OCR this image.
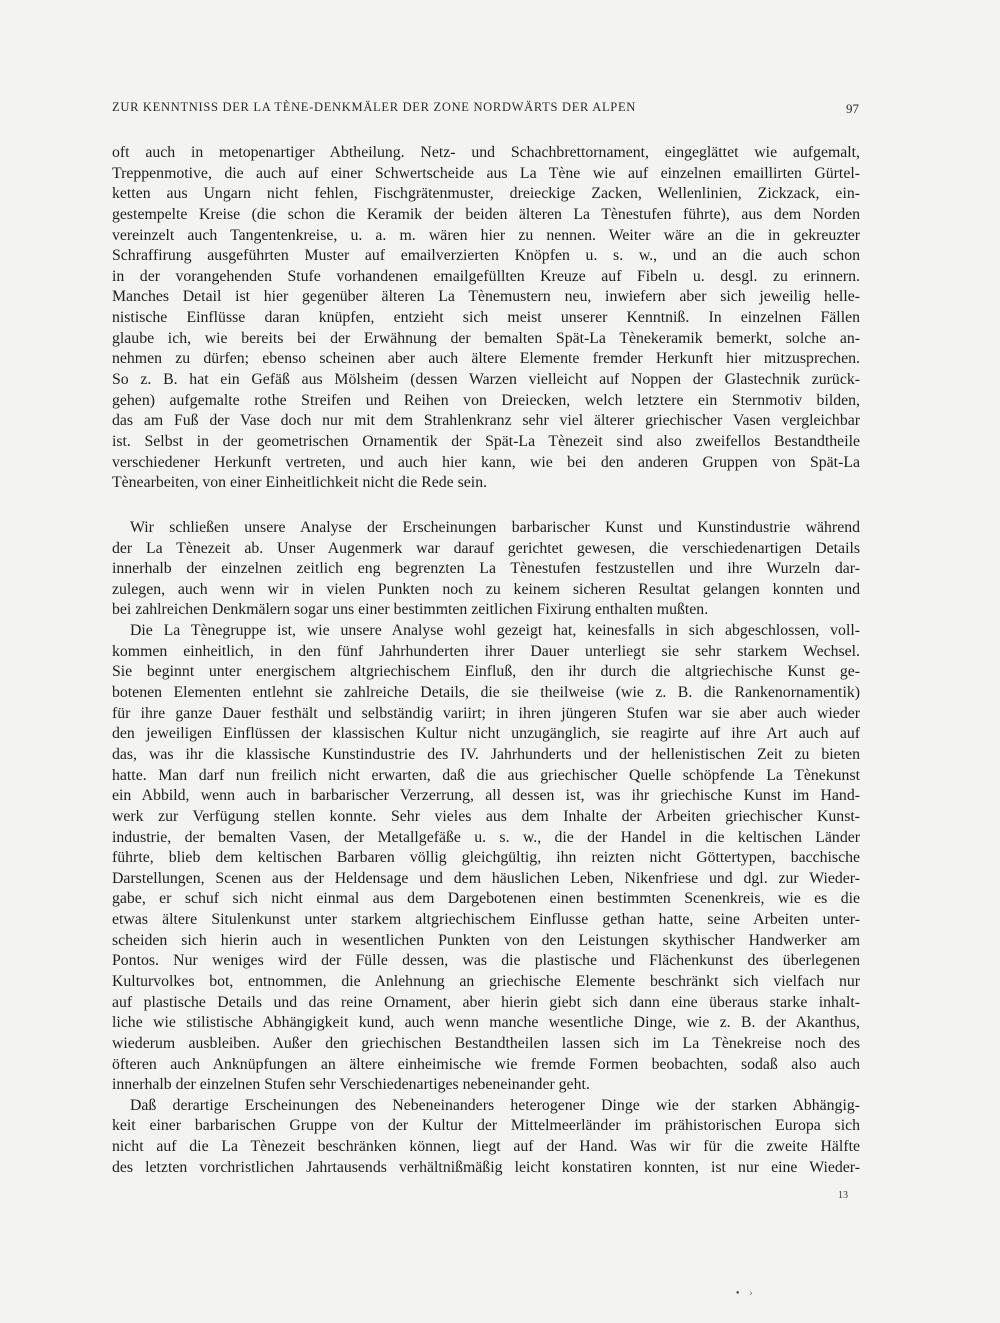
ZUR KENNTNISS DER LA TÈNE-DENKMÄLER DER ZONE NORDWÄRTS DER ALPEN	97
oft auch in metopenartiger Abtheilung. Netz- und Schachbrettornament, eingeglättet wie aufgemalt,
Treppenmotive, die auch auf einer Schwertscheide aus La Tène wie auf einzelnen emaillirten Gürtel-
ketten aus Ungarn nicht fehlen, Fischgrätenmuster, dreieckige Zacken, Wellenlinien, Zickzack, ein-
gestempelte Kreise (die schon die Keramik der beiden älteren La Tènestufen führte), aus dem Norden
vereinzelt auch Tangentenkreise, u. a. m. wären hier zu nennen. Weiter wäre an die in gekreuzter
Schraffirung ausgeführten Muster auf emailverzierten Knöpfen u. s. w., und an die auch schon
in der vorangehenden Stufe vorhandenen emailgefüllten Kreuze auf Fibeln u. desgl. zu erinnern.
Manches Detail ist hier gegenüber älteren La Tènemustern neu, inwiefern aber sich jeweilig helle-
nistische Einflüsse daran knüpfen, entzieht sich meist unserer Kenntniß. In einzelnen Fällen
glaube ich, wie bereits bei der Erwähnung der bemalten Spät-La Tènekeramik bemerkt, solche an-
nehmen zu dürfen; ebenso scheinen aber auch ältere Elemente fremder Herkunft hier mitzusprechen.
So z. B. hat ein Gefäß aus Mölsheim (dessen Warzen vielleicht auf Noppen der Glastechnik zurück-
gehen) aufgemalte rothe Streifen und Reihen von Dreiecken, welch letztere ein Sternmotiv bilden,
das am Fuß der Vase doch nur mit dem Strahlenkranz sehr viel älterer griechischer Vasen vergleichbar
ist. Selbst in der geometrischen Ornamentik der Spät-La Tènezeit sind also zweifellos Bestandtheile
verschiedener Herkunft vertreten, und auch hier kann, wie bei den anderen Gruppen von Spät-La
Tènearbeiten, von einer Einheitlichkeit nicht die Rede sein.
Wir schließen unsere Analyse der Erscheinungen barbarischer Kunst und Kunstindustrie während
der La Tènezeit ab. Unser Augenmerk war darauf gerichtet gewesen, die verschiedenartigen Details
innerhalb der einzelnen zeitlich eng begrenzten La Tènestufen festzustellen und ihre Wurzeln dar-
zulegen, auch wenn wir in vielen Punkten noch zu keinem sicheren Resultat gelangen konnten und
bei zahlreichen Denkmälern sogar uns einer bestimmten zeitlichen Fixirung enthalten mußten.
Die La Tènegruppe ist, wie unsere Analyse wohl gezeigt hat, keinesfalls in sich abgeschlossen, voll-
kommen einheitlich, in den fünf Jahrhunderten ihrer Dauer unterliegt sie sehr starkem Wechsel.
Sie beginnt unter energischem altgriechischem Einfluß, den ihr durch die altgriechische Kunst ge-
botenen Elementen entlehnt sie zahlreiche Details, die sie theilweise (wie z. B. die Rankenornamentik)
für ihre ganze Dauer festhält und selbständig variirt; in ihren jüngeren Stufen war sie aber auch wieder
den jeweiligen Einflüssen der klassischen Kultur nicht unzugänglich, sie reagirte auf ihre Art auch auf
das, was ihr die klassische Kunstindustrie des IV. Jahrhunderts und der hellenistischen Zeit zu bieten
hatte. Man darf nun freilich nicht erwarten, daß die aus griechischer Quelle schöpfende La Tènekunst
ein Abbild, wenn auch in barbarischer Verzerrung, all dessen ist, was ihr griechische Kunst im Hand-
werk zur Verfügung stellen konnte. Sehr vieles aus dem Inhalte der Arbeiten griechischer Kunst-
industrie, der bemalten Vasen, der Metallgefäße u. s. w., die der Handel in die keltischen Länder
führte, blieb dem keltischen Barbaren völlig gleichgültig, ihn reizten nicht Göttertypen, bacchische
Darstellungen, Scenen aus der Heldensage und dem häuslichen Leben, Nikenfriese und dgl. zur Wieder-
gabe, er schuf sich nicht einmal aus dem Dargebotenen einen bestimmten Scenenkreis, wie es die
etwas ältere Situlenkunst unter starkem altgriechischem Einflusse gethan hatte, seine Arbeiten unter-
scheiden sich hierin auch in wesentlichen Punkten von den Leistungen skythischer Handwerker am
Pontos. Nur weniges wird der Fülle dessen, was die plastische und Flächenkunst des überlegenen
Kulturvolkes bot, entnommen, die Anlehnung an griechische Elemente beschränkt sich vielfach nur
auf plastische Details und das reine Ornament, aber hierin giebt sich dann eine überaus starke inhalt-
liche wie stilistische Abhängigkeit kund, auch wenn manche wesentliche Dinge, wie z. B. der Akanthus,
wiederum ausbleiben. Außer den griechischen Bestandtheilen lassen sich im La Tènekreise noch des
öfteren auch Anknüpfungen an ältere einheimische wie fremde Formen beobachten, sodaß also auch
innerhalb der einzelnen Stufen sehr Verschiedenartiges nebeneinander geht.
Daß derartige Erscheinungen des Nebeneinanders heterogener Dinge wie der starken Abhängig-
keit einer barbarischen Gruppe von der Kultur der Mittelmeerländer im prähistorischen Europa sich
nicht auf die La Tènezeit beschränken können, liegt auf der Hand. Was wir für die zweite Hälfte
des letzten vorchristlichen Jahrtausends verhältnißmäßig leicht konstatiren konnten, ist nur eine Wieder-
13
• ›
